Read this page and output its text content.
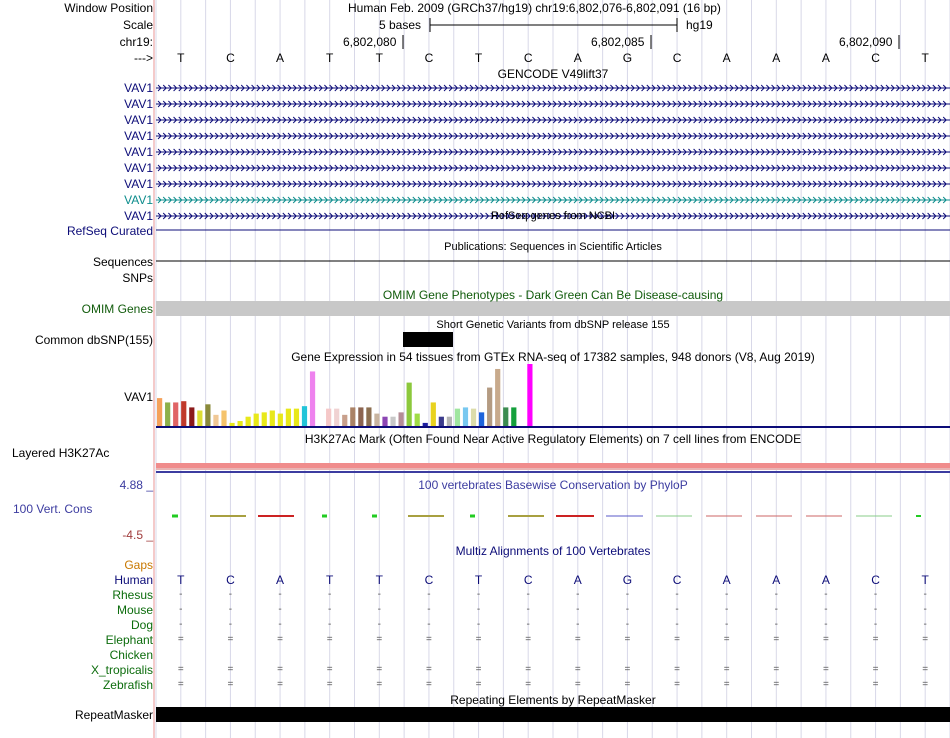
Window Position	Human Feb. 2009 (GRCh37/hg19) chr19:6,802,076-6,802,091 (16 bp)
Scale	5 bases	hg19
chr19:	6,802,080	6,802,085	6,802,090
--->	T	C	A	T	T	C	T	C	A	G	C	A	A	A	C	T
GENCODE V49lift37
VAV1
VAV1
VAV1
VAV1
VAV1
VAV1
VAV1
VAV1
VAV1	RefSeq genes from NCBI
RefSeq Curated
Publications: Sequences in Scientific Articles
Sequences
SNPs
OMIM Gene Phenotypes - Dark Green Can Be Disease-causing
OMIM Genes
Short Genetic Variants from dbSNP release 155
Common dbSNP(155)
Gene Expression in 54 tissues from GTEx RNA-seq of 17382 samples, 948 donors (V8, Aug 2019)
VAV1
H3K27Ac Mark (Often Found Near Active Regulatory Elements) on 7 cell lines from ENCODE
Layered H3K27Ac
100 vertebrates Basewise Conservation by PhyloP
4.88 _
100 Vert. Cons
-4.5 _
Multiz Alignments of 100 Vertebrates
Gaps
Human	T	C	A	T	T	C	T	C	A	G	C	A	A	A	C	T
Rhesus	-	-	-	-	-	-	-	-	-	-	-	-	-	-	-	-
Mouse	-	-	-	-	-	-	-	-	-	-	-	-	-	-	-	-
Dog	-	-	-	-	-	-	-	-	-	-	-	-	-	-	-	-
Elephant	=	=	=	=	=	=	=	=	=	=	=	=	=	=	=	=
Chicken
X_tropicalis	=	=	=	=	=	=	=	=	=	=	=	=	=	=	=	=
Zebrafish	=	=	=	=	=	=	=	=	=	=	=	=	=	=	=	=
Repeating Elements by RepeatMasker
RepeatMasker
